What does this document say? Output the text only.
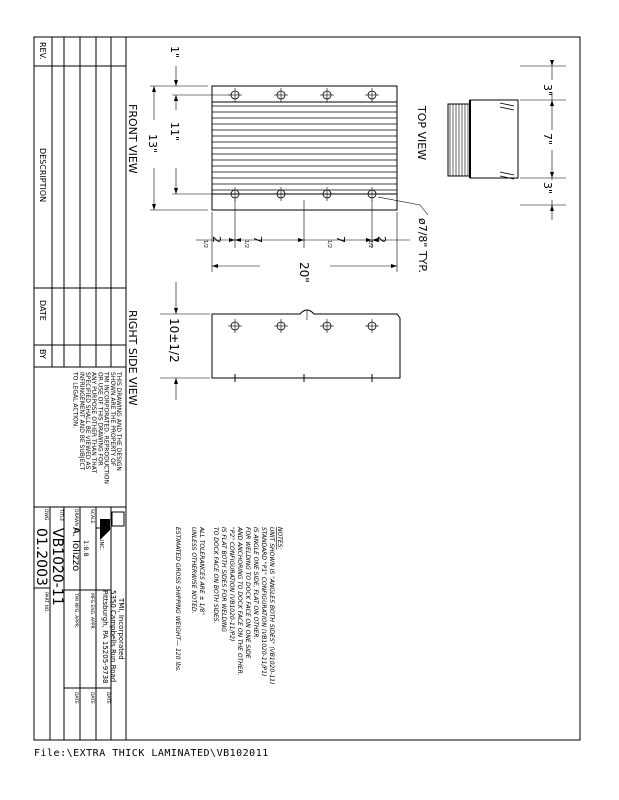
REV.
DESCRIPTION
DATE
BY
THIS DRAWING AND THE DESIGN
SHOWN ARE THE PROPERTY OF
TMI INCORPORATED. REPRODUCTION
OR USE OF THIS DRAWING FOR
ANY PURPOSE OTHER THAN THAT
SPECIFIED SHALL BE VIEWED AS
INFRINGEMENT AND BE SUBJECT
TO LEGAL ACTION.
INC.
TMI, Incorporated
5350 Campbells Run Road
Pittsburgh, PA 15205-9738
SCALE
1:8.8
MFG ENG. APPR.
DATE
DATE
DRAWN BY
A. Iolizzo
TMI MFG. APPR.
DATE
TITLE
VB1020-11
DWG
01.2003
PART NO.
1"
11"
13"
FRONT VIEW
2
1/2
7
1/2
7
1/2
2
1/2
20"	ø7/8" TYP.
TOP VIEW
3"
7"
3"
10±1/2
RIGHT SIDE VIEW
NOTES:
UNIT SHOWN IS "ANGLES BOTH SIDES" (VB1020-11)
STANDARD "P1" CONFIGURATION (VB1020-11/P1)
IS ANGLE ONE SIDE, FLAT ON OTHER.
FOR WELDING TO DOCK FACE ON ONE SIDE
AND ANCHORING TO DOCK FACE ON THE OTHER.
"P2" CONFIGURATION (VB1020-11/P2)
IS FLAT BOTH SIDES FOR WELDING
TO DOCK FACE ON BOTH SIDES.
ALL TOLERANCES ARE ± 1/8"
UNLESS OTHERWISE NOTED.
ESTIMATED GROSS SHIPPING WEIGHT— 120 lbs.
File:\EXTRA THICK LAMINATED\VB102011
